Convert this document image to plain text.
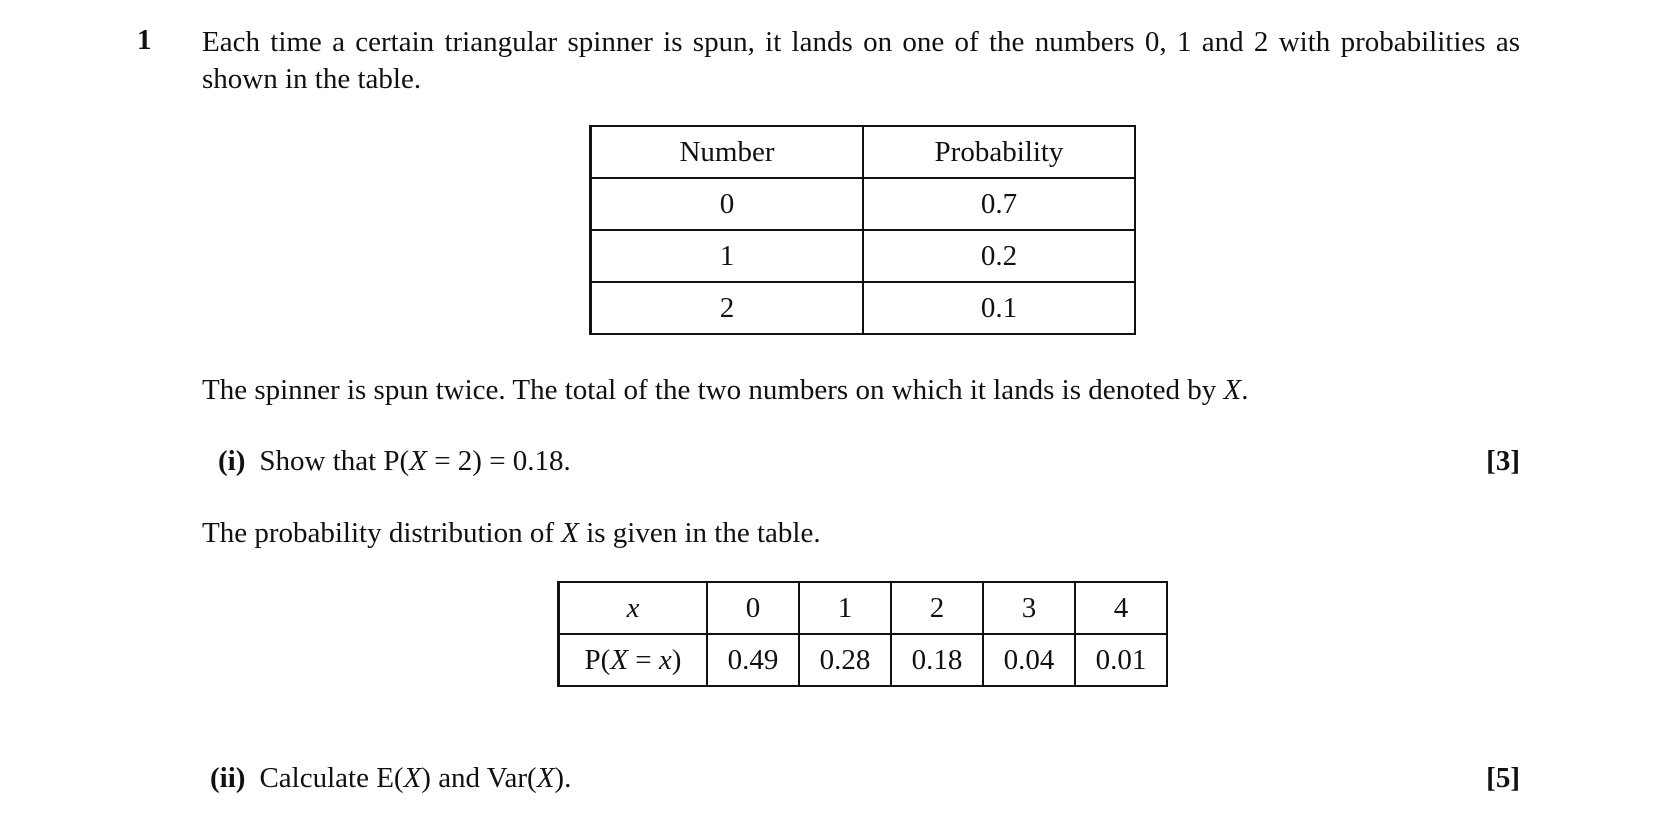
1 Each time a certain triangular spinner is spun, it lands on one of the numbers 0, 1 and 2 with probabilities as shown in the table.
Number	Probability
0	0.7
1	0.2
2	0.1
The spinner is spun twice. The total of the two numbers on which it lands is denoted by X.
(i) Show that P(X = 2) = 0.18.	[3]
The probability distribution of X is given in the table.
x	0	1	2	3	4
P(X = x)	0.49	0.28	0.18	0.04	0.01
(ii) Calculate E(X) and Var(X).	[5]
